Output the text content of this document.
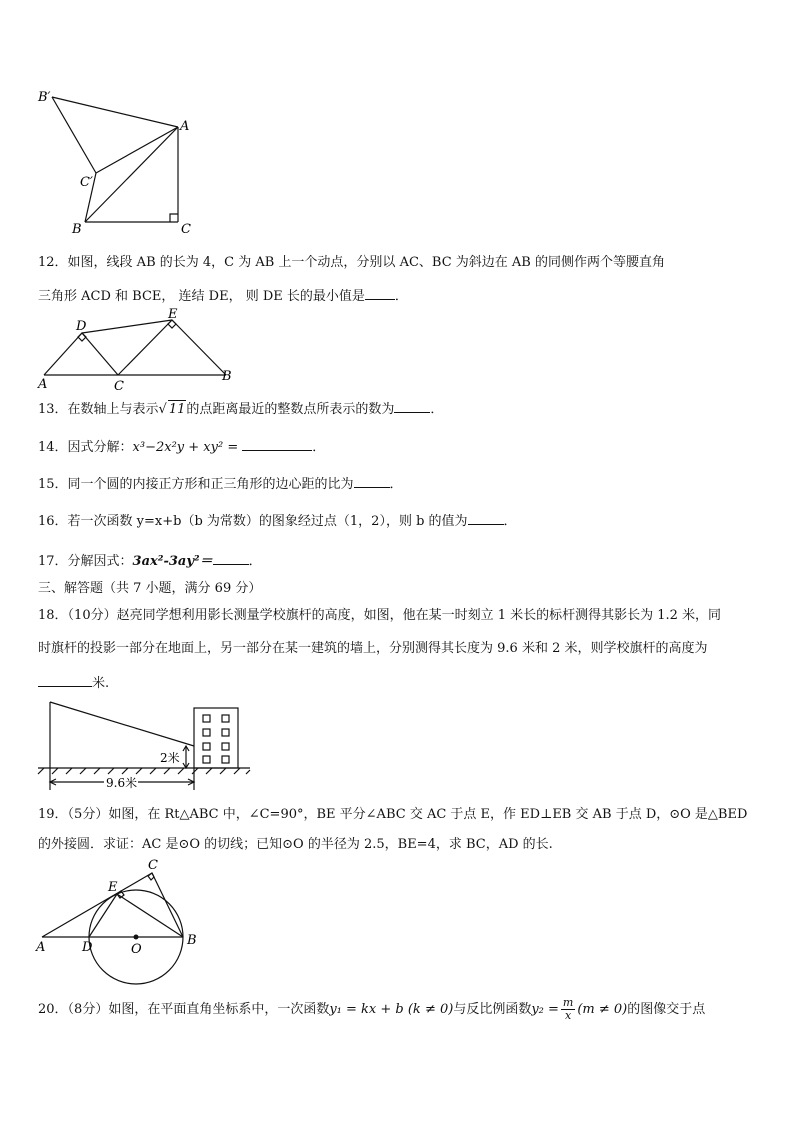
B′
A
C′
B	C
12．如图，线段 AB 的长为 4，C 为 AB 上一个动点，分别以 AC、BC 为斜边在 AB 的同侧作两个等腰直角
三角形 ACD 和 BCE， 连结 DE， 则 DE 长的最小值是 ．
D
E
A	C
B
13．在数轴上与表示√ 11的点距离最近的整数点所表示的数为	．
14．因式分解：x³−2x²y + xy² =	．
15．同一个圆的内接正方形和正三角形的边心距的比为	．
16．若一次函数 y=x+b（b 为常数）的图象经过点（1，2），则 b 的值为	．
17．分解因式：3ax²-3ay²＝	．
三、解答题（共 7 小题，满分 69 分）
18．（10分）赵亮同学想利用影长测量学校旗杆的高度，如图，他在某一时刻立 1 米长的标杆测得其影长为 1.2 米，同
时旗杆的投影一部分在地面上，另一部分在某一建筑的墙上，分别测得其长度为 9.6 米和 2 米，则学校旗杆的高度为
米.
2米
9.6米
19．（5分）如图，在 Rt△ABC 中，∠C=90°，BE 平分∠ABC 交 AC 于点 E，作 ED⊥EB 交 AB 于点 D，⊙O 是△BED
的外接圆．求证：AC 是⊙O 的切线；已知⊙O 的半径为 2.5，BE=4，求 BC，AD 的长.
C
E
A	D	O
B
20．（8分）如图，在平面直角坐标系中，一次函数y₁ = kx + b (k ≠ 0)与反比例函数$y_2 = \frac{m}{x} (m \ne 0)$的图像交于点
